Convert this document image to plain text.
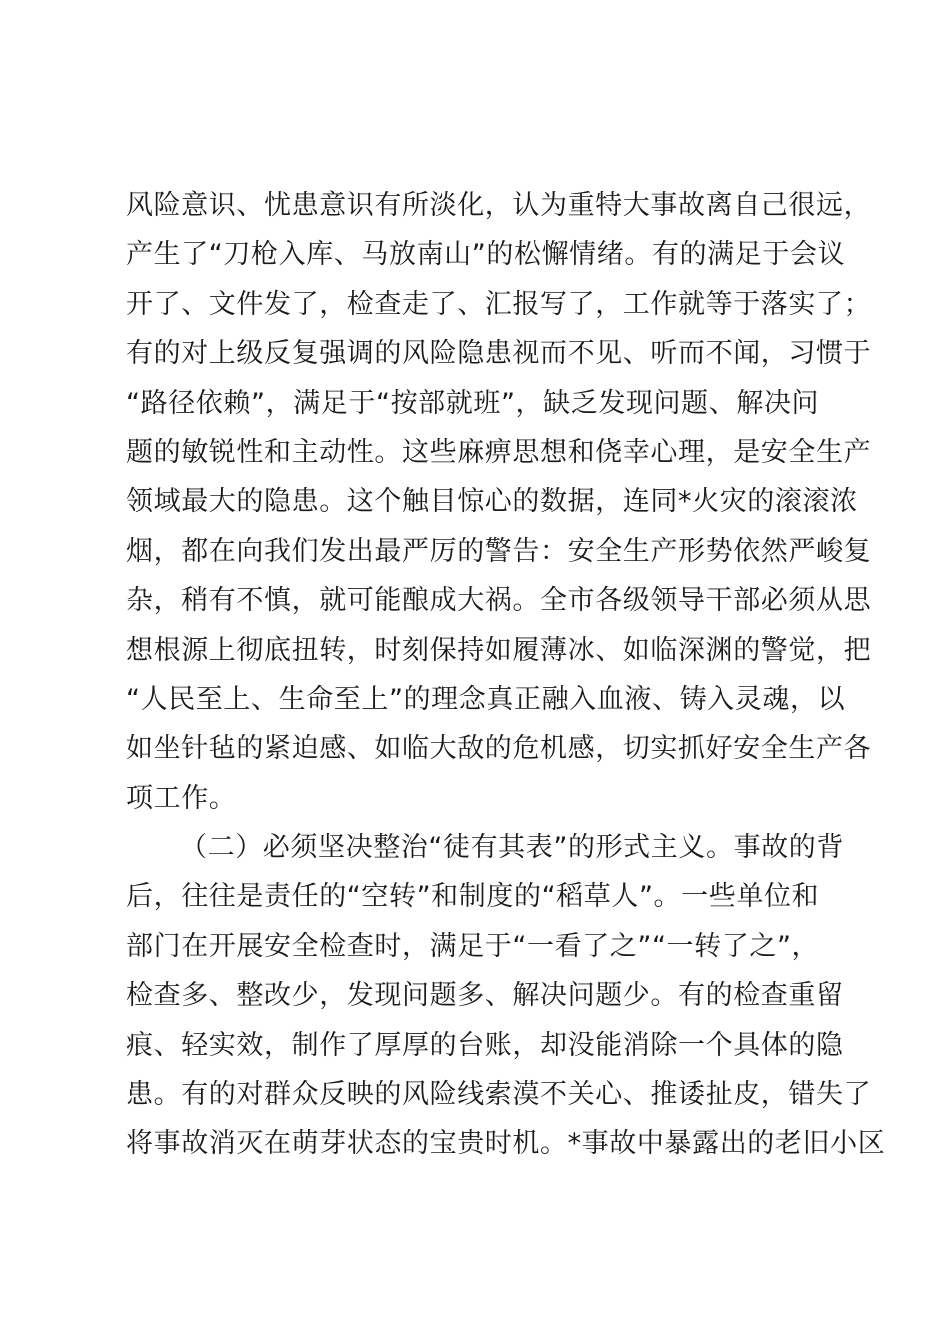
风险意识、忧患意识有所淡化，认为重特大事故离自己很远，
产生了“刀枪入库、马放南山”的松懈情绪。有的满足于会议
开了、文件发了，检查走了、汇报写了，工作就等于落实了；
有的对上级反复强调的风险隐患视而不见、听而不闻，习惯于
“路径依赖”，满足于“按部就班”，缺乏发现问题、解决问
题的敏锐性和主动性。这些麻痹思想和侥幸心理，是安全生产
领域最大的隐患。这个触目惊心的数据，连同*火灾的滚滚浓
烟，都在向我们发出最严厉的警告：安全生产形势依然严峻复
杂，稍有不慎，就可能酿成大祸。全市各级领导干部必须从思
想根源上彻底扭转，时刻保持如履薄冰、如临深渊的警觉，把
“人民至上、生命至上”的理念真正融入血液、铸入灵魂，以
如坐针毡的紧迫感、如临大敌的危机感，切实抓好安全生产各
项工作。
（二）必须坚决整治“徒有其表”的形式主义。事故的背
后，往往是责任的“空转”和制度的“稻草人”。一些单位和
部门在开展安全检查时，满足于“一看了之”“一转了之”，
检查多、整改少，发现问题多、解决问题少。有的检查重留
痕、轻实效，制作了厚厚的台账，却没能消除一个具体的隐
患。有的对群众反映的风险线索漠不关心、推诿扯皮，错失了
将事故消灭在萌芽状态的宝贵时机。*事故中暴露出的老旧小区
